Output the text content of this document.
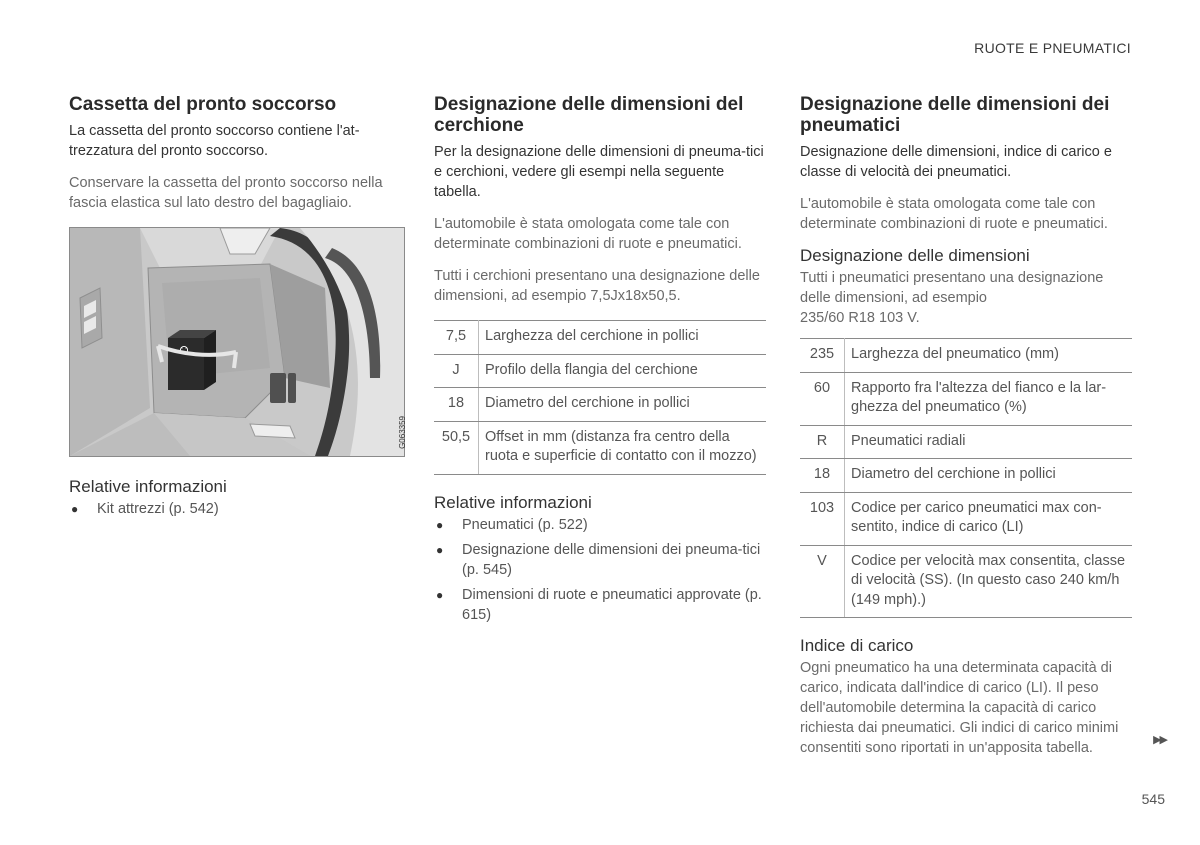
RUOTE E PNEUMATICI
Cassetta del pronto soccorso

La cassetta del pronto soccorso contiene l'at-trezzatura del pronto soccorso.

Conservare la cassetta del pronto soccorso nella fascia elastica sul lato destro del bagagliaio.

G063359
Relative informazioni
● Kit attrezzi (p. 542)
Designazione delle dimensioni del cerchione

Per la designazione delle dimensioni di pneuma-tici e cerchioni, vedere gli esempi nella seguente tabella.

L'automobile è stata omologata come tale con determinate combinazioni di ruote e pneumatici.

Tutti i cerchioni presentano una designazione delle dimensioni, ad esempio 7,5Jx18x50,5.

7,5	Larghezza del cerchione in pollici
J	Profilo della flangia del cerchione
18	Diametro del cerchione in pollici
50,5	Offset in mm (distanza fra centro della ruota e superficie di contatto con il mozzo)
Relative informazioni
● Pneumatici (p. 522)
● Designazione delle dimensioni dei pneuma-tici (p. 545)
● Dimensioni di ruote e pneumatici approvate (p. 615)
Designazione delle dimensioni dei pneumatici

Designazione delle dimensioni, indice di carico e classe di velocità dei pneumatici.

L'automobile è stata omologata come tale con determinate combinazioni di ruote e pneumatici.

Designazione delle dimensioni

Tutti i pneumatici presentano una designazione delle dimensioni, ad esempio
235/60 R18 103 V.

235	Larghezza del pneumatico (mm)
60	Rapporto fra l'altezza del fianco e la lar-ghezza del pneumatico (%)
R	Pneumatici radiali
18	Diametro del cerchione in pollici
103	Codice per carico pneumatici max con-sentito, indice di carico (LI)
V	Codice per velocità max consentita, classe di velocità (SS). (In questo caso 240 km/h (149 mph).)
Indice di carico

Ogni pneumatico ha una determinata capacità di carico, indicata dall'indice di carico (LI). Il peso dell'automobile determina la capacità di carico richiesta dai pneumatici. Gli indici di carico minimi consentiti sono riportati in un'apposita tabella.	▶▶
545
